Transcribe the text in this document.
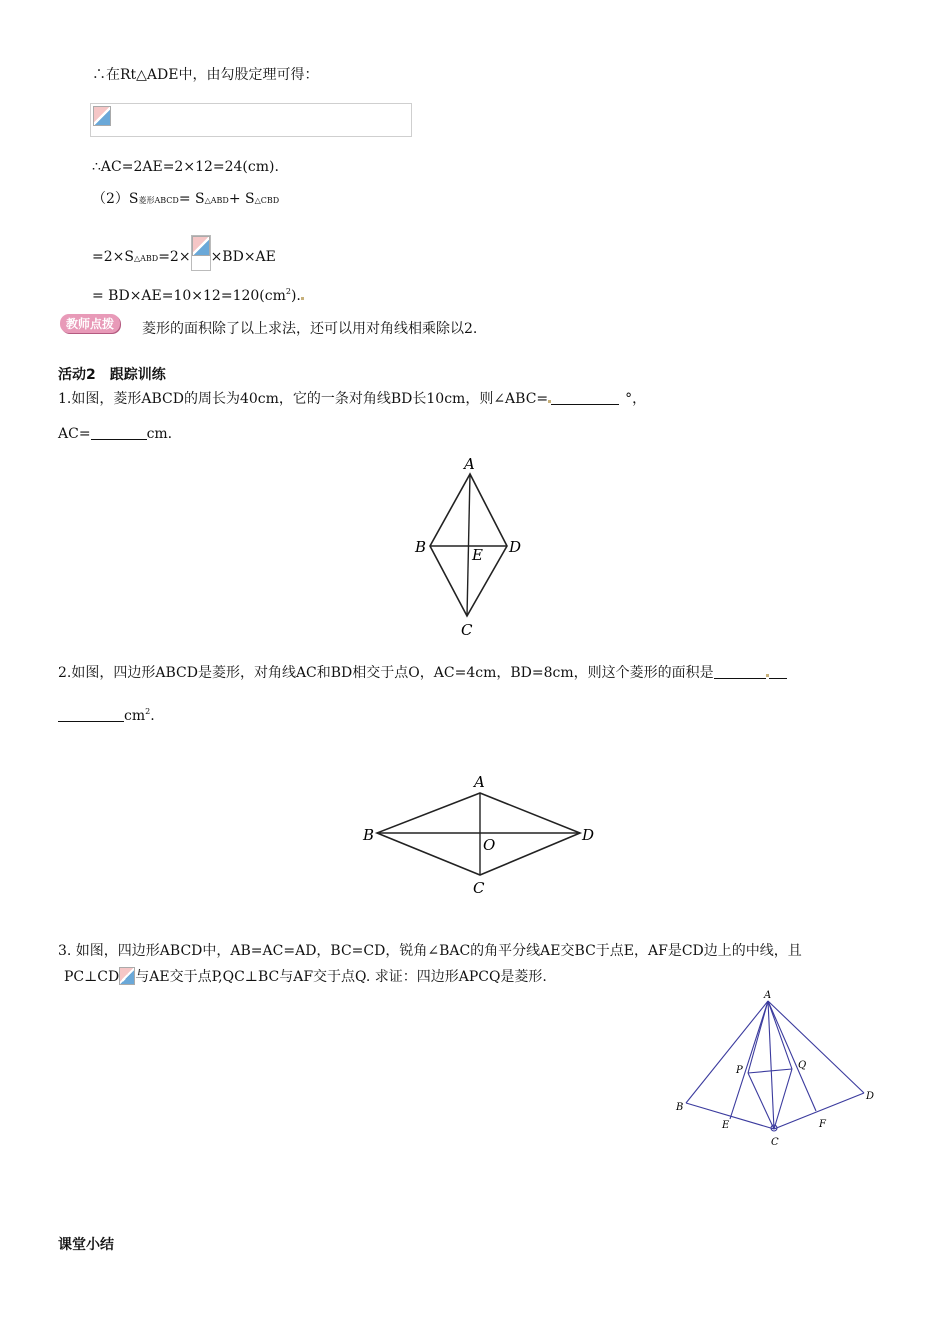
∴在Rt△ADE中，由勾股定理可得：
∴AC=2AE=2×12=24(cm).
（2）S菱形ABCD= S△ABD+ S△CBD
=2×S△ABD=2× ×BD×AE
= $BD\times AE=10\times 12=120(cm^2)$.
教师点拨	菱形的面积除了以上求法，还可以用对角线相乘除以2.
活动2　跟踪训练
1.如图，菱形ABCD的周长为40cm，它的一条对角线BD长10cm，则∠ABC=	°，
AC=	cm.
A
B	D
E
C
2.如图，四边形ABCD是菱形，对角线AC和BD相交于点O，AC=4cm，BD=8cm，则这个菱形的面积是
$cm^2$.
A
B	D
O
C
3. 如图，四边形ABCD中，AB=AC=AD，BC=CD，锐角∠BAC的角平分线AE交BC于点E，AF是CD边上的中线，且
PC⊥CD 与AE交于点P,QC⊥BC与AF交于点Q. 求证：四边形APCQ是菱形.
A
B
D
E	F
P	Q
C
课堂小结
